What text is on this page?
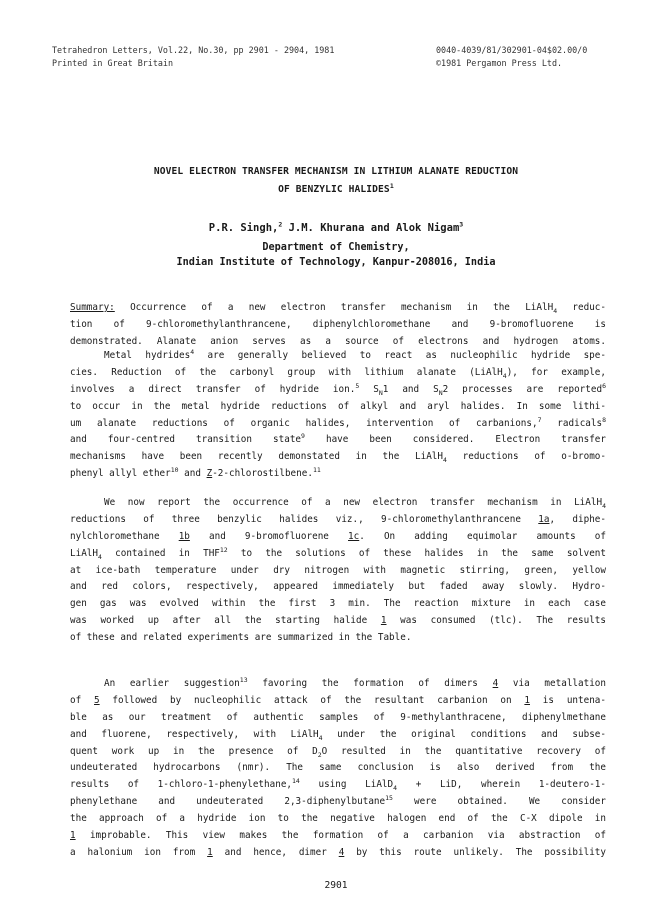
Tetrahedron Letters, Vol.22, No.30, pp 2901 - 2904, 1981
Printed in Great Britain
0040-4039/81/302901-04$02.00/0
©1981 Pergamon Press Ltd.
NOVEL ELECTRON TRANSFER MECHANISM IN LITHIUM ALANATE REDUCTION
OF BENZYLIC HALIDES$^1$
P.R. Singh,$^2$ J.M. Khurana and Alok Nigam$^3$
Department of Chemistry,
Indian Institute of Technology, Kanpur-208016, India
Summary: Occurrence of a new electron transfer mechanism in the LiAlH$_4$ reduc-
tion of 9-chloromethylanthrancene, diphenylchloromethane and 9-bromofluorene is
demonstrated. Alanate anion serves as a source of electrons and hydrogen atoms.
Metal hydrides$^4$ are generally believed to react as nucleophilic hydride spe-
cies. Reduction of the carbonyl group with lithium alanate (LiAlH$_4$), for example,
involves a direct transfer of hydride ion.$^5$ $S_N1$ and $S_N2$ processes are reported$^6$
to occur in the metal hydride reductions of alkyl and aryl halides. In some lithi-
um alanate reductions of organic halides, intervention of carbanions,$^7$ radicals$^8$
and four-centred transition state$^9$ have been considered. Electron transfer
mechanisms have been recently demonstated in the LiAlH$_4$ reductions of o-bromo-
phenyl allyl ether$^{10}$ and Z-2-chlorostilbene.$^{11}$
We now report the occurrence of a new electron transfer mechanism in LiAlH$_4$
reductions of three benzylic halides viz., 9-chloromethylanthrancene 1a, diphe-
nylchloromethane 1b and 9-bromofluorene 1c. On adding equimolar amounts of
LiAlH$_4$ contained in THF$^{12}$ to the solutions of these halides in the same solvent
at ice-bath temperature under dry nitrogen with magnetic stirring, green, yellow
and red colors, respectively, appeared immediately but faded away slowly. Hydro-
gen gas was evolved within the first 3 min. The reaction mixture in each case
was worked up after all the starting halide 1 was consumed (tlc). The results
of these and related experiments are summarized in the Table.
An earlier suggestion$^{13}$ favoring the formation of dimers 4 via metallation
of 5 followed by nucleophilic attack of the resultant carbanion on 1 is untena-
ble as our treatment of authentic samples of 9-methylanthracene, diphenylmethane
and fluorene, respectively, with LiAlH$_4$ under the original conditions and subse-
quent work up in the presence of $D_2O$ resulted in the quantitative recovery of
undeuterated hydrocarbons (nmr). The same conclusion is also derived from the
results of 1-chloro-1-phenylethane,$^{14}$ using LiAlD$_4$ + LiD, wherein 1-deutero-1-
phenylethane and undeuterated 2,3-diphenylbutane$^{15}$ were obtained. We consider
the approach of a hydride ion to the negative halogen end of the C-X dipole in
1 improbable. This view makes the formation of a carbanion via abstraction of
a halonium ion from 1 and hence, dimer 4 by this route unlikely. The possibility
2901
